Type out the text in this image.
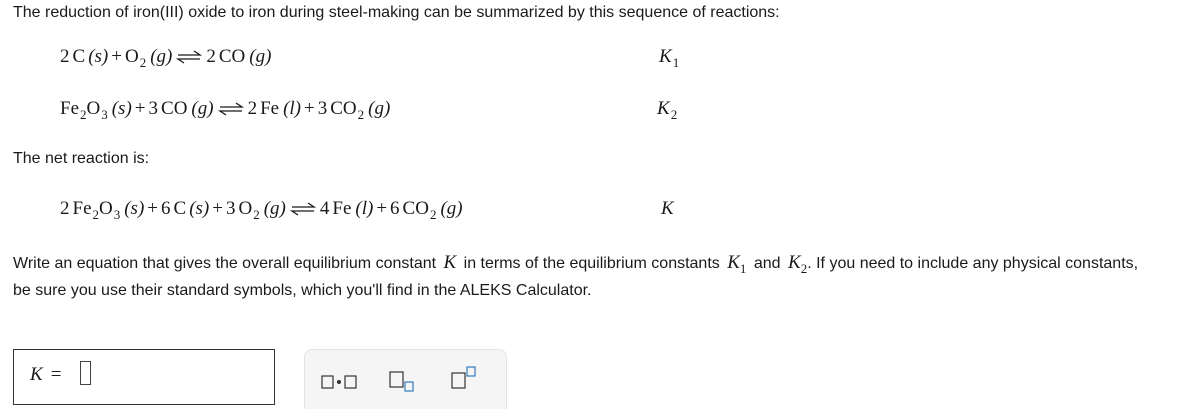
The reduction of iron(III) oxide to iron during steel-making can be summarized by this sequence of reactions:
2 C (s) + O 2 (g) ⇌ 2 CO (g)	K 1
Fe 2 O 3 (s) + 3 CO (g) ⇌ 2 Fe (l) + 3 CO 2 (g)	K 2
The net reaction is:
2 Fe 2 O 3 (s) + 6 C (s) + 3 O 2 (g) ⇌ 4 Fe (l) + 6 CO 2 (g)	K
Write an equation that gives the overall equilibrium constant K in terms of the equilibrium constants $K_1$ and $K_2$. If you need to include any physical constants,
be sure you use their standard symbols, which you'll find in the ALEKS Calculator.
K =
